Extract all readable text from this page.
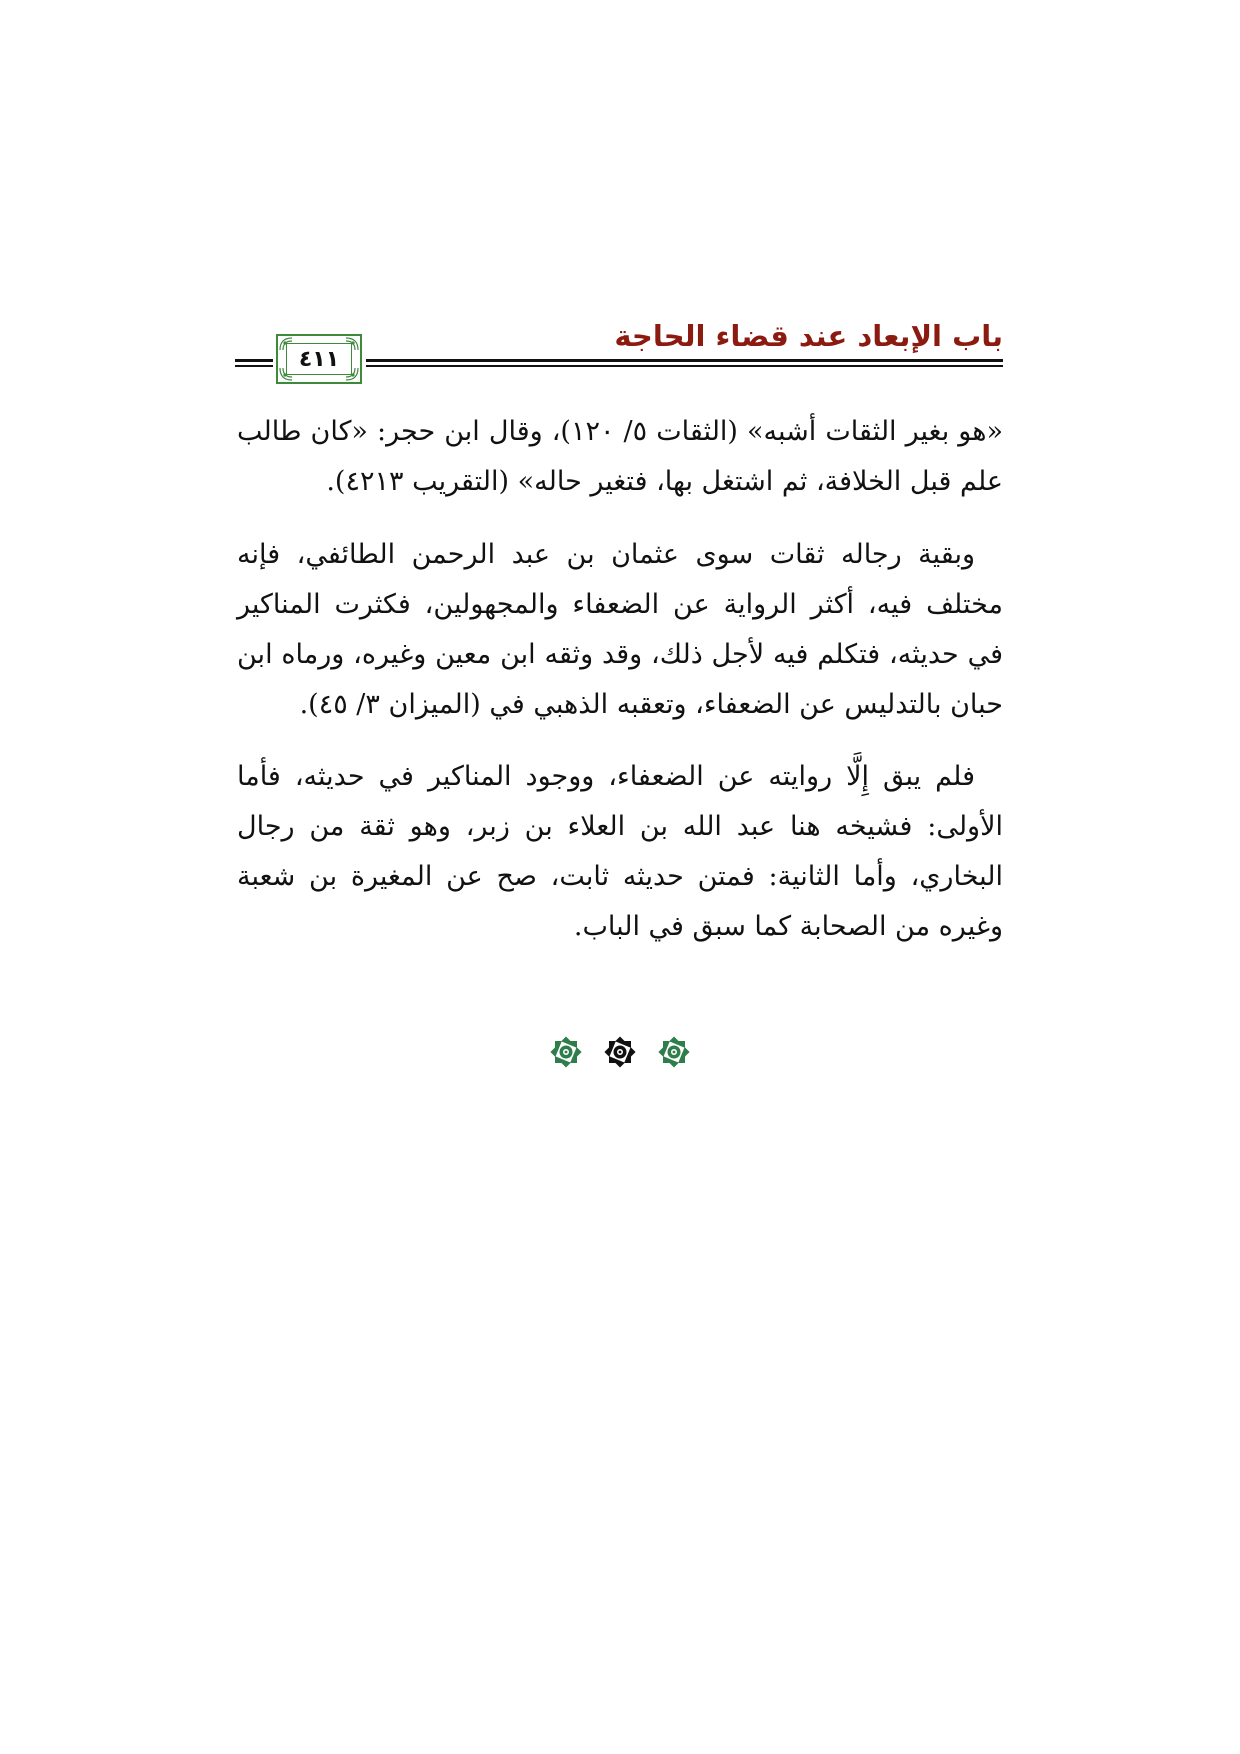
باب الإبعاد عند قضاء الحاجة
٤١١

«هو بغير الثقات أشبه» (الثقات ٥/ ١٢٠)، وقال ابن حجر: «كان طالب علم قبل الخلافة، ثم اشتغل بها، فتغير حاله» (التقريب ٤٢١٣).

وبقية رجاله ثقات سوى عثمان بن عبد الرحمن الطائفي، فإنه مختلف فيه، أكثر الرواية عن الضعفاء والمجهولين، فكثرت المناكير في حديثه، فتكلم فيه لأجل ذلك، وقد وثقه ابن معين وغيره، ورماه ابن حبان بالتدليس عن الضعفاء، وتعقبه الذهبي في (الميزان ٣/ ٤٥).

فلم يبق إِلَّا روايته عن الضعفاء، ووجود المناكير في حديثه، فأما الأولى: فشيخه هنا عبد الله بن العلاء بن زبر، وهو ثقة من رجال البخاري، وأما الثانية: فمتن حديثه ثابت، صح عن المغيرة بن شعبة وغيره من الصحابة كما سبق في الباب.
